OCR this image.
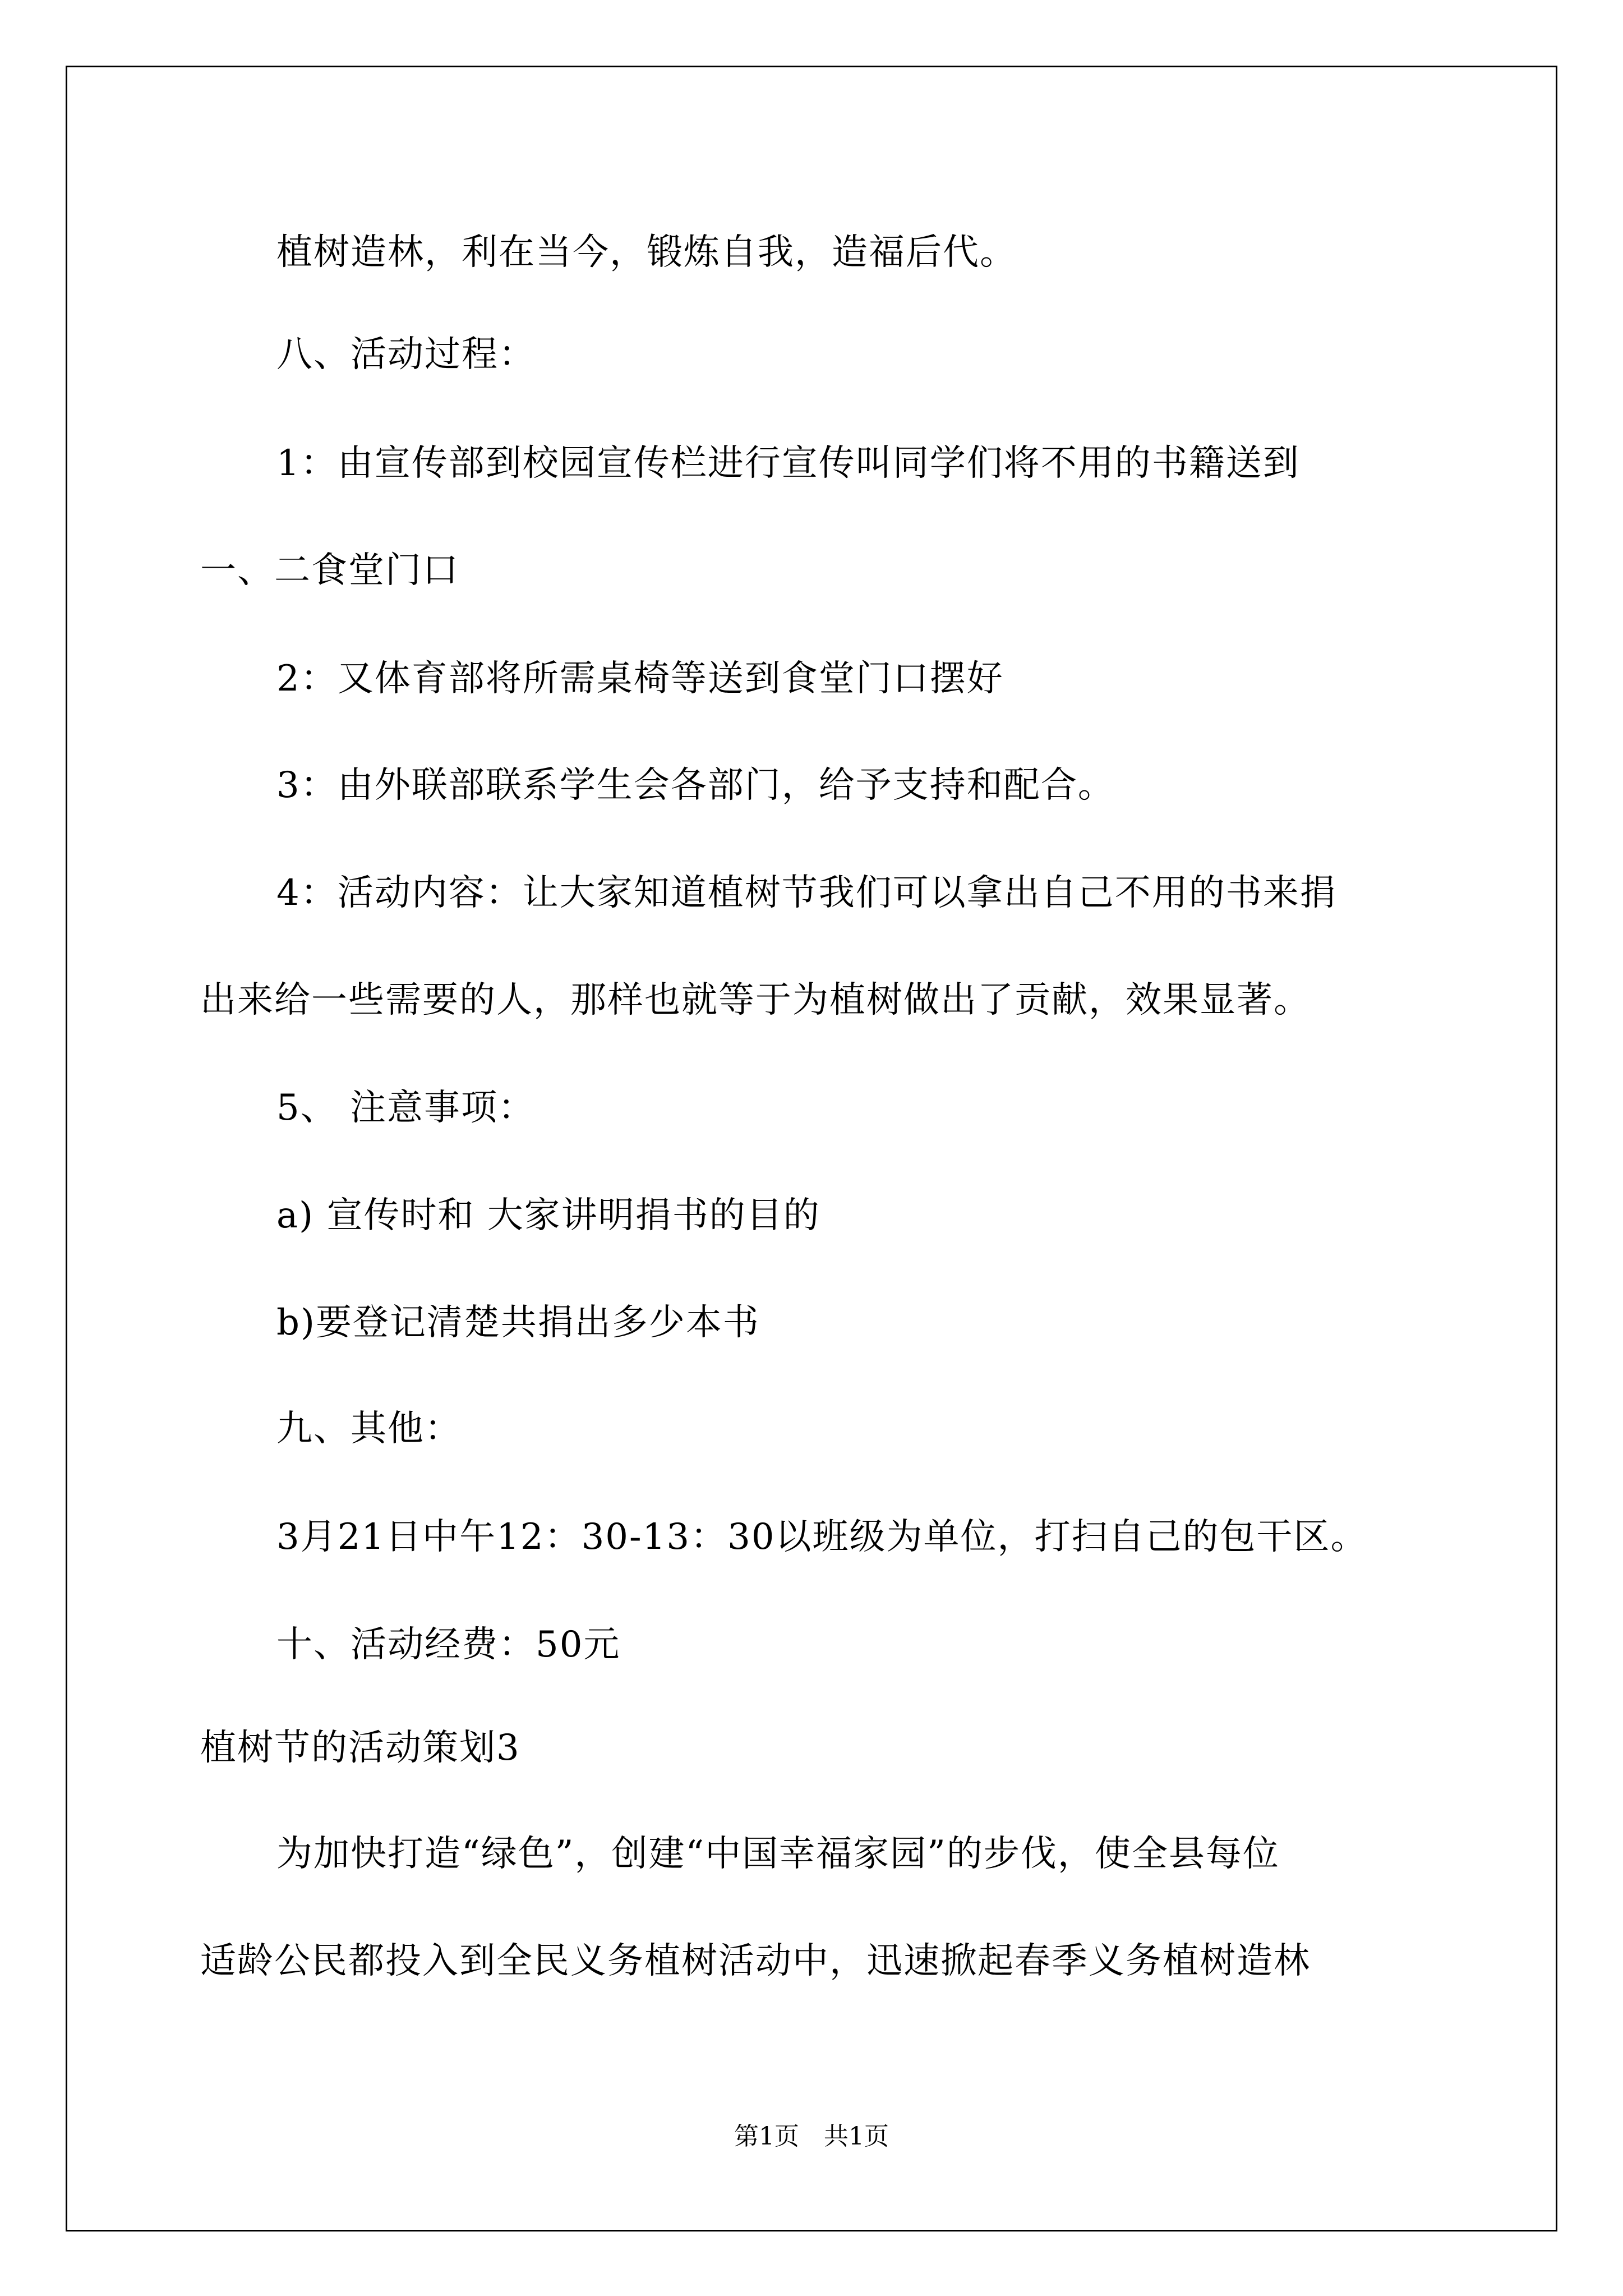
植树造林，利在当今，锻炼自我，造福后代。
八、活动过程：
1：由宣传部到校园宣传栏进行宣传叫同学们将不用的书籍送到
一、二食堂门口
2：又体育部将所需桌椅等送到食堂门口摆好
3：由外联部联系学生会各部门，给予支持和配合。
4：活动内容：让大家知道植树节我们可以拿出自己不用的书来捐
出来给一些需要的人，那样也就等于为植树做出了贡献，效果显著。
5、 注意事项：
a) 宣传时和 大家讲明捐书的目的
b)要登记清楚共捐出多少本书
九、其他：
3月21日中午12：30-13：30以班级为单位，打扫自己的包干区。
十、活动经费：50元
植树节的活动策划3
为加快打造“绿色”，创建“中国幸福家园”的步伐，使全县每位
适龄公民都投入到全民义务植树活动中，迅速掀起春季义务植树造林
第1页　共1页
